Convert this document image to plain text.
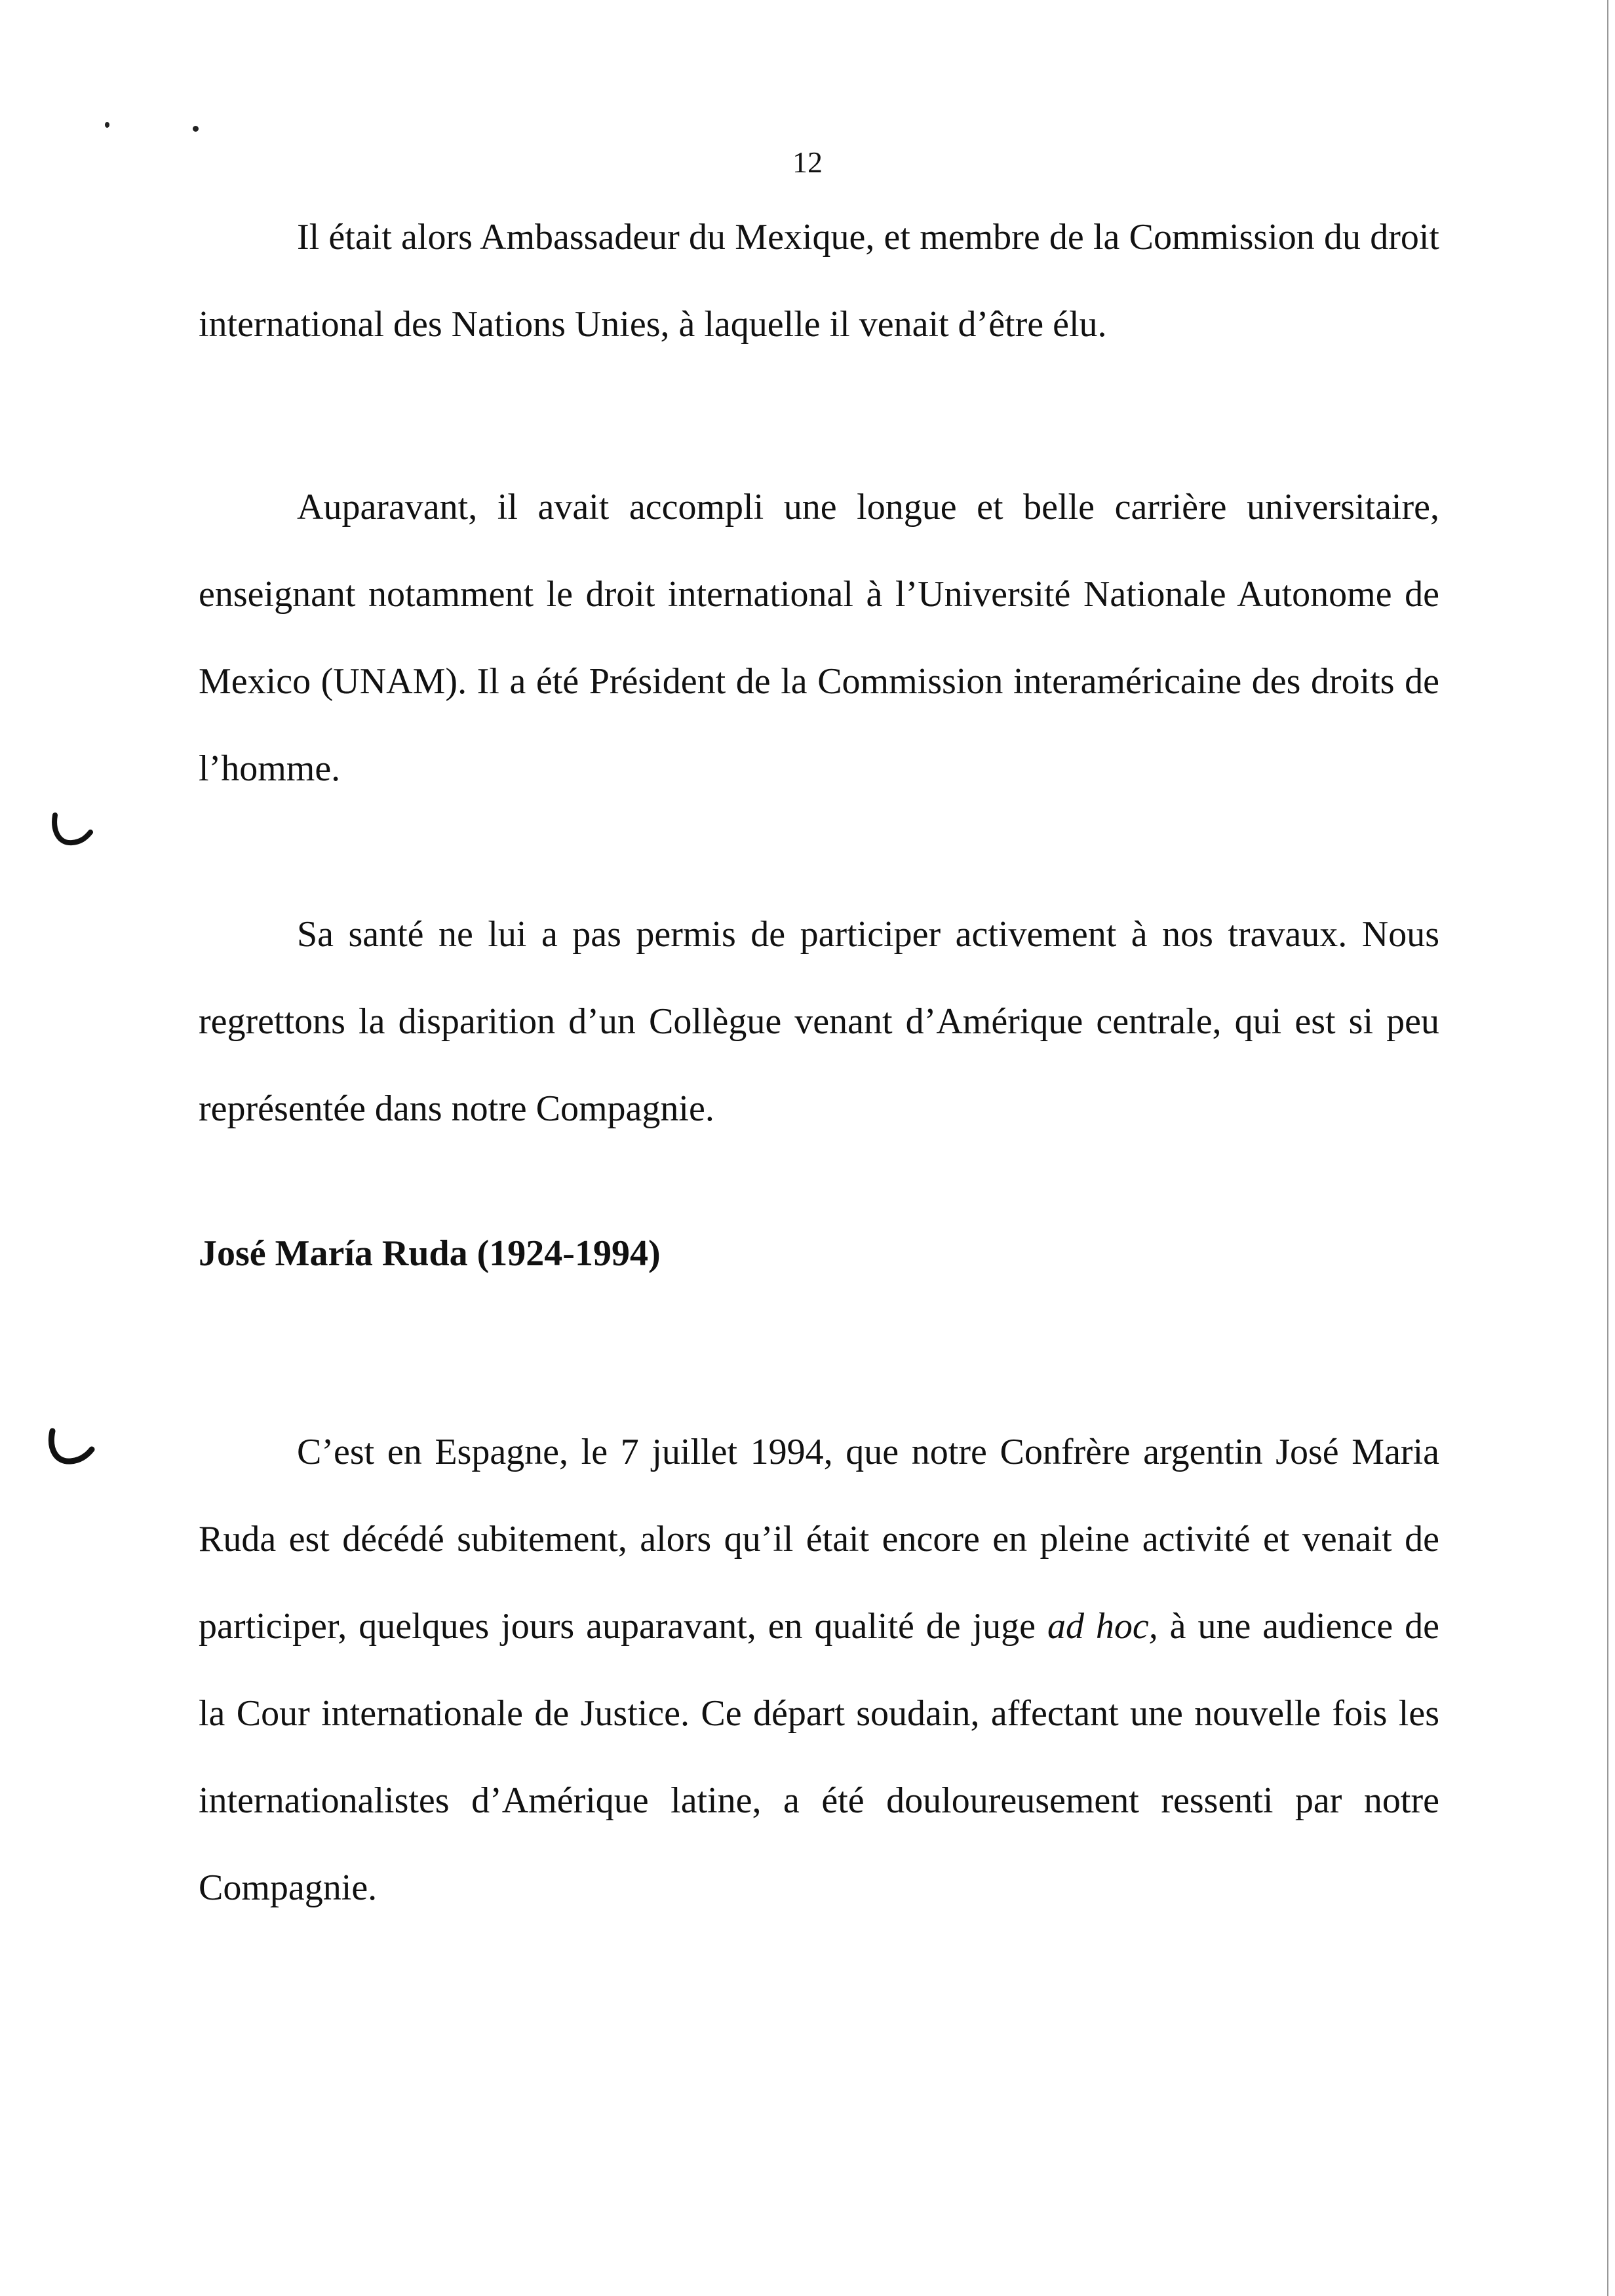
12

Il était alors Ambassadeur du Mexique, et membre de la Commission du droit international des Nations Unies, à laquelle il venait d’être élu.

Auparavant, il avait accompli une longue et belle carrière universitaire, enseignant notamment le droit international à l’Université Nationale Autonome de Mexico (UNAM). Il a été Président de la Commission interaméricaine des droits de l’homme.

Sa santé ne lui a pas permis de participer activement à nos travaux. Nous regrettons la disparition d’un Collègue venant d’Amérique centrale, qui est si peu représentée dans notre Compagnie.

José María Ruda (1924-1994)

C’est en Espagne, le 7 juillet 1994, que notre Confrère argentin José Maria Ruda est décédé subitement, alors qu’il était encore en pleine activité et venait de participer, quelques jours auparavant, en qualité de juge ad hoc, à une audience de la Cour internationale de Justice. Ce départ soudain, affectant une nouvelle fois les internationalistes d’Amérique latine, a été douloureusement ressenti par notre Compagnie.
